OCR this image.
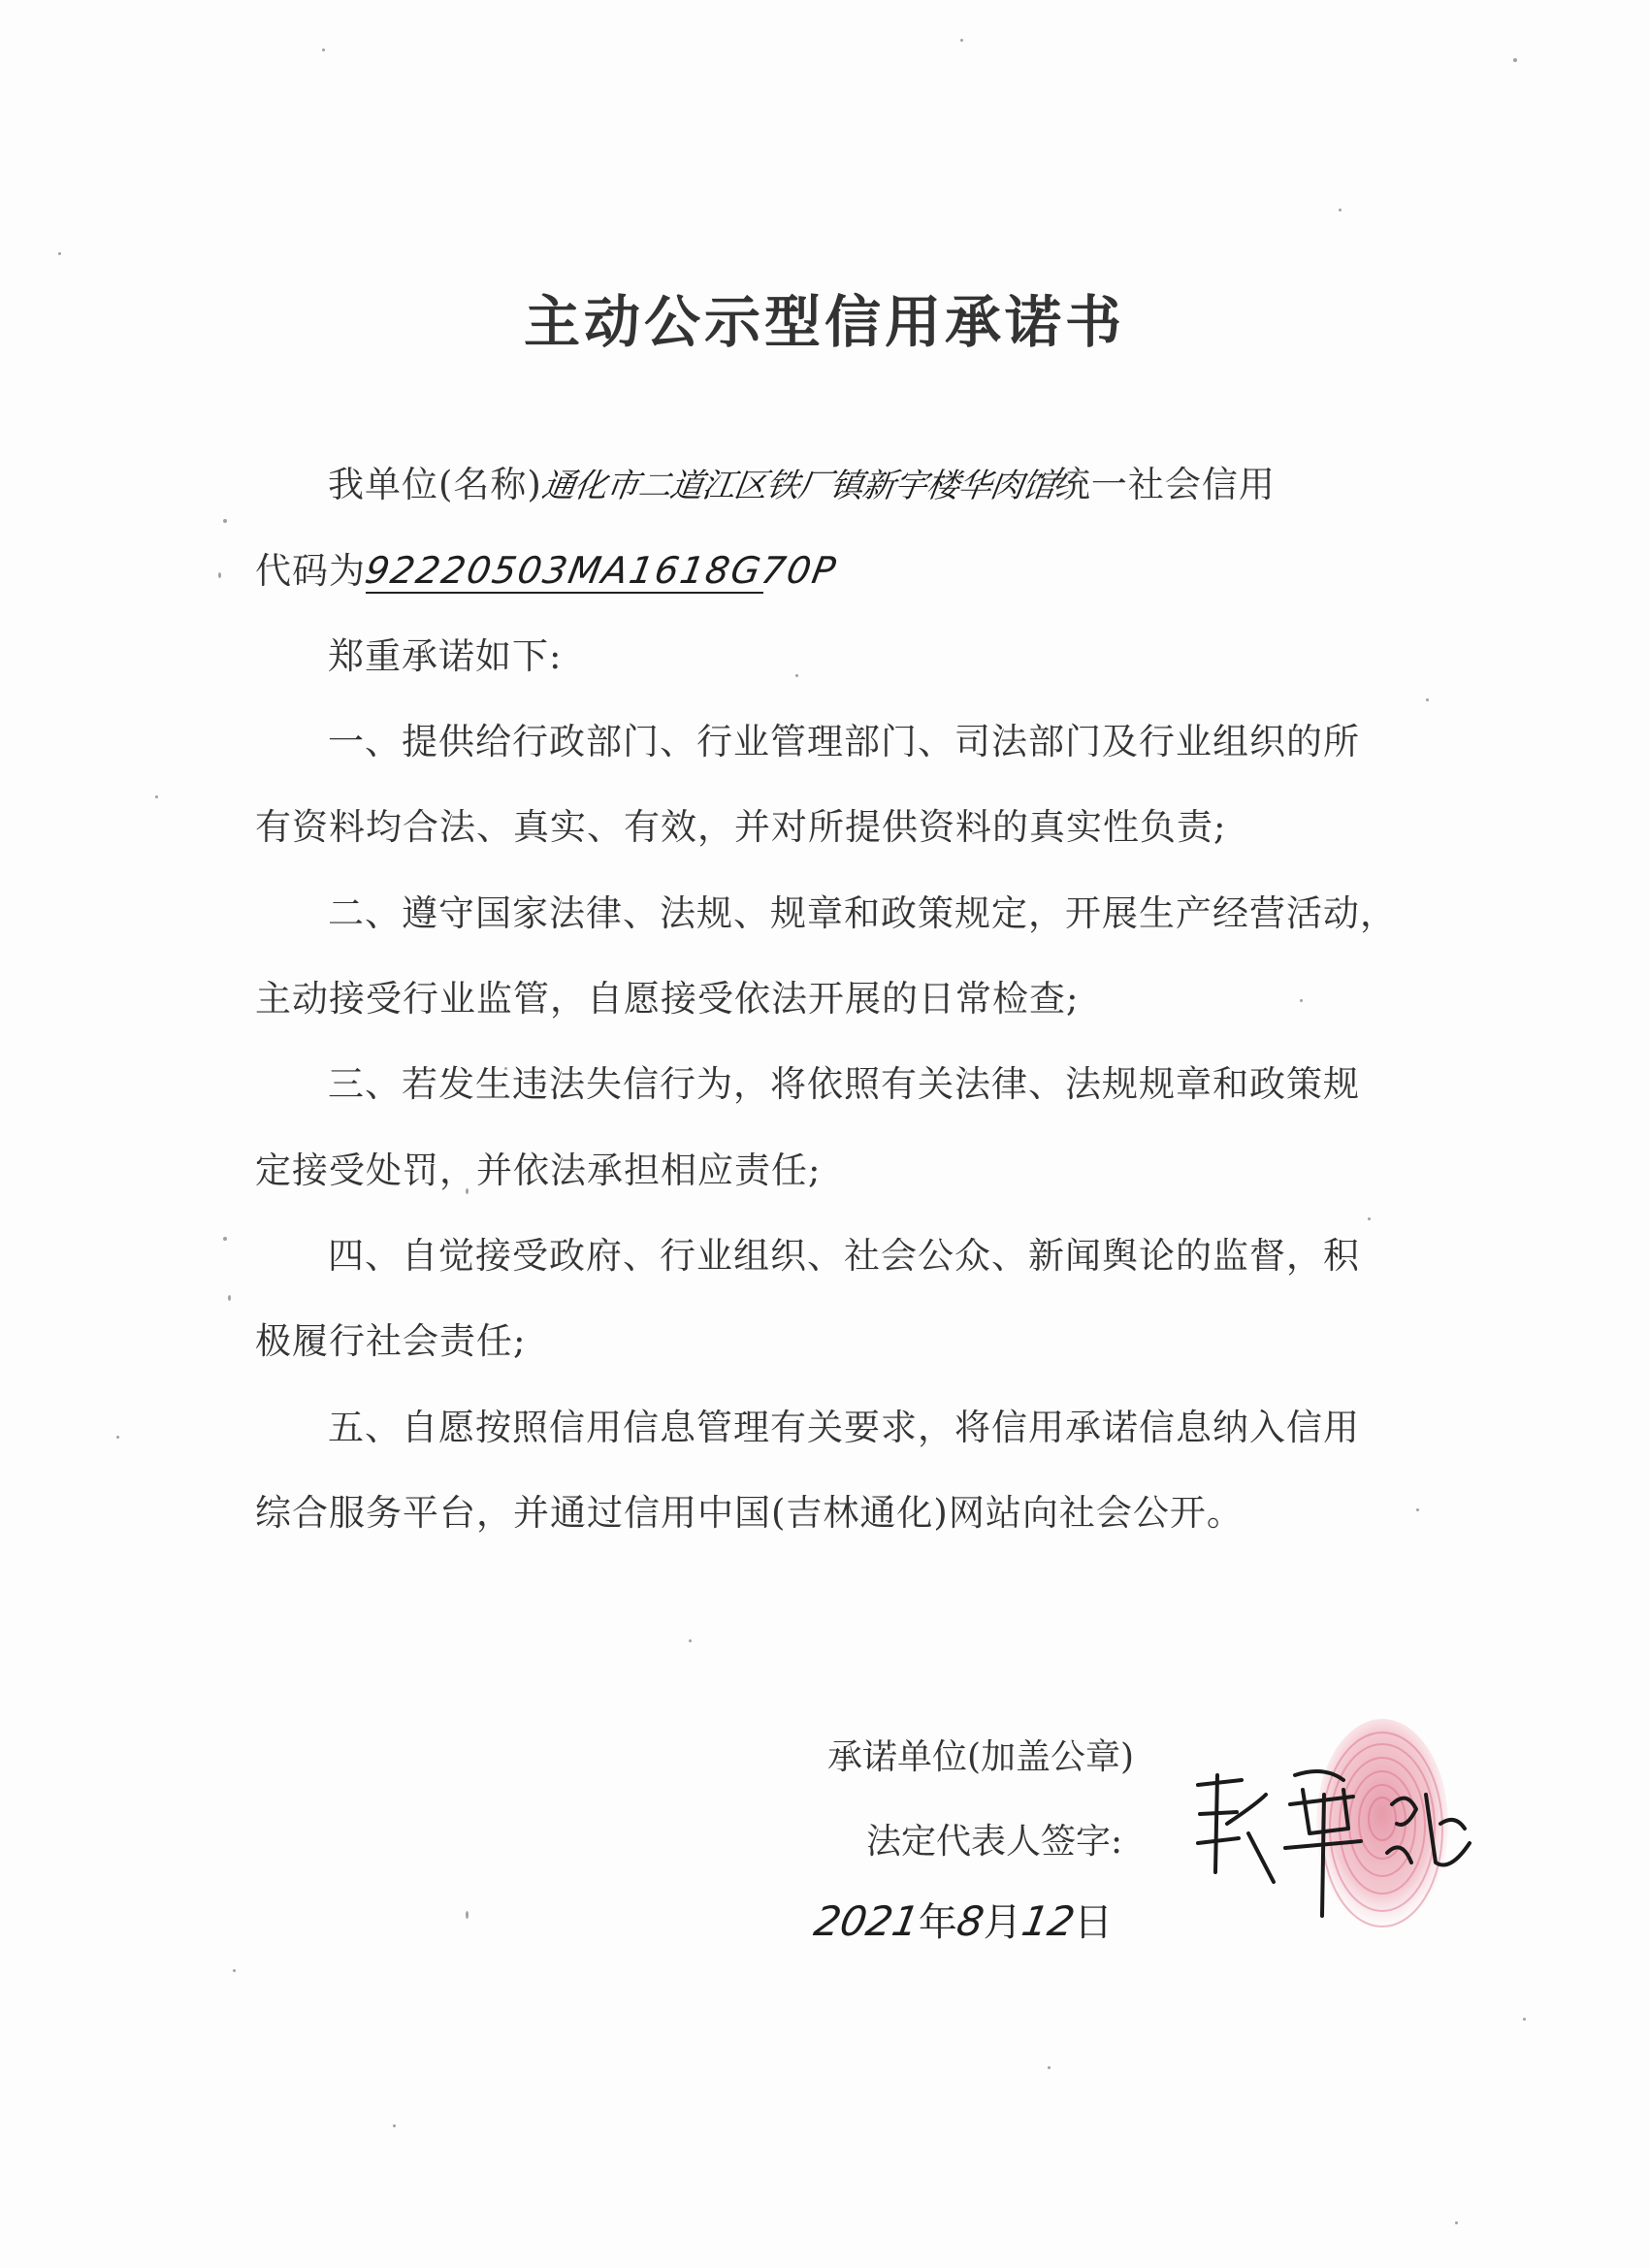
主动公示型信用承诺书
我单位(名称)通化市二道江区铁厂镇新宇楼华肉馆统一社会信用
代码为92220503MA1618G70P
郑重承诺如下:
一、提供给行政部门、行业管理部门、司法部门及行业组织的所
有资料均合法、真实、有效，并对所提供资料的真实性负责;
二、遵守国家法律、法规、规章和政策规定，开展生产经营活动，
主动接受行业监管，自愿接受依法开展的日常检查;
三、若发生违法失信行为，将依照有关法律、法规规章和政策规
定接受处罚，并依法承担相应责任;
四、自觉接受政府、行业组织、社会公众、新闻舆论的监督，积
极履行社会责任;
五、自愿按照信用信息管理有关要求，将信用承诺信息纳入信用
综合服务平台，并通过信用中国(吉林通化)网站向社会公开。
承诺单位(加盖公章)
法定代表人签字:
2021年8月12日
